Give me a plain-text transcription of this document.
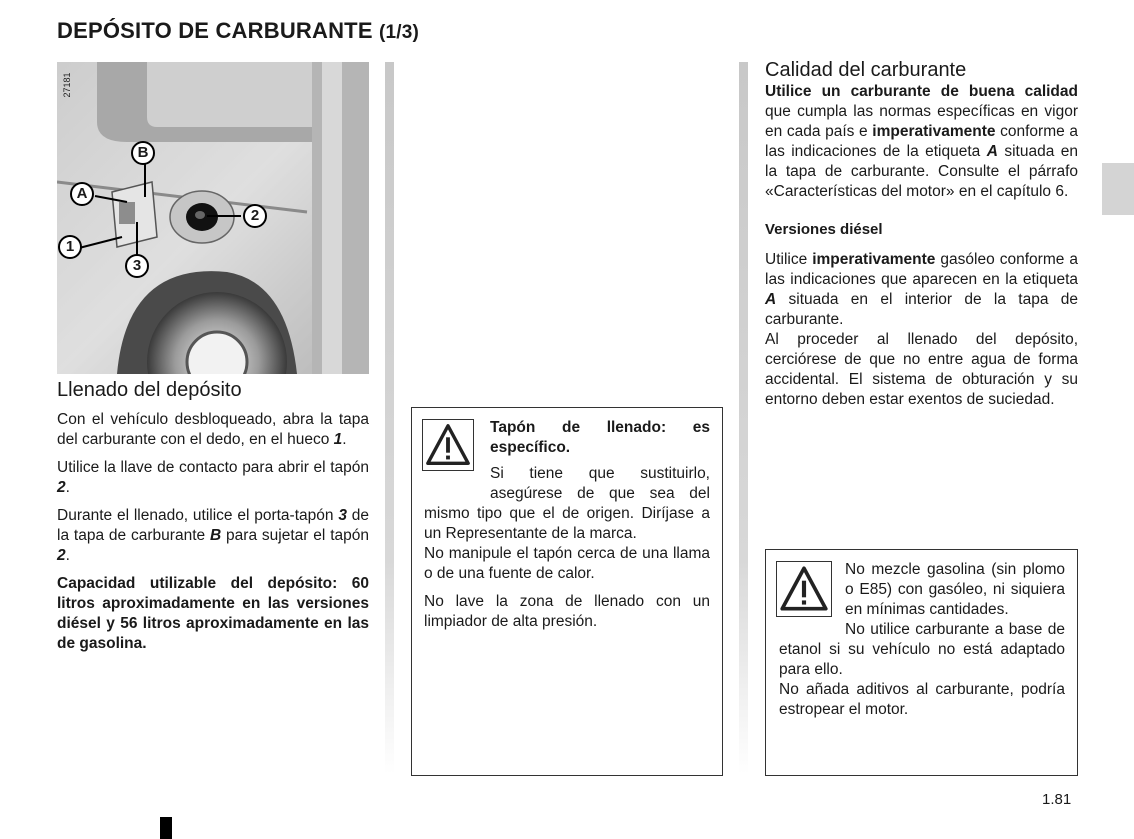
DEPÓSITO DE CARBURANTE (1/3)
27181
B
A
1
3
2
Llenado del depósito

Con el vehículo desbloqueado, abra la tapa del carburante con el dedo, en el hueco 1.

Utilice la llave de contacto para abrir el tapón 2.

Durante el llenado, utilice el porta-tapón 3 de la tapa de carburante B para sujetar el tapón 2.

Capacidad utilizable del depósito: 60 litros aproximadamente en las versiones diésel y 56 litros aproximadamente en las de gasolina.

Tapón de llenado: es específico.

Si tiene que sustituirlo, asegúrese de que sea del mismo tipo que el de origen. Diríjase a un Representante de la marca.

No manipule el tapón cerca de una llama o de una fuente de calor.

No lave la zona de llenado con un limpiador de alta presión.

Calidad del carburante

Utilice un carburante de buena calidad que cumpla las normas específicas en vigor en cada país e imperativamente conforme a las indicaciones de la etiqueta A situada en la tapa de carburante. Consulte el párrafo «Características del motor» en el capítulo 6.

Versiones diésel

Utilice imperativamente gasóleo conforme a las indicaciones que aparecen en la etiqueta A situada en el interior de la tapa de carburante.

Al proceder al llenado del depósito, cerciórese de que no entre agua de forma accidental. El sistema de obturación y su entorno deben estar exentos de suciedad.

No mezcle gasolina (sin plomo o E85) con gasóleo, ni siquiera en mínimas cantidades.

No utilice carburante a base de etanol si su vehículo no está adaptado para ello.

No añada aditivos al carburante, podría estropear el motor.

1.81
